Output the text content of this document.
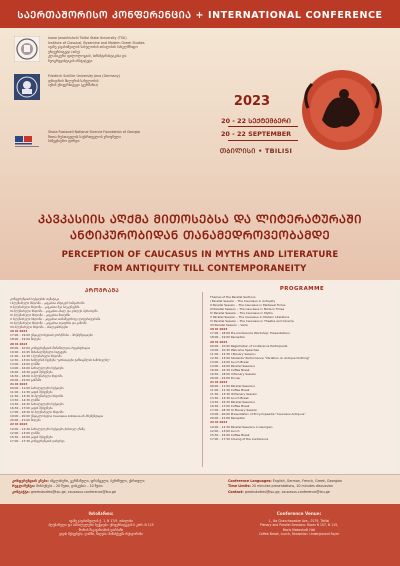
ᲡᲐᲔᲠᲗᲐᲨᲝᲠᲘᲡᲝ ᲙᲝᲜᲤᲔᲠᲔᲜᲪᲘᲐ + INTERNATIONAL CONFERENCE
Ivane Javakhishvili Tbilisi State University (TSU)
Institute of Classical, Byzantine and Modern Greek Studies
ივანე ჯავახიშვილის სახელობის თბილისის სახელმწიფო
უნივერსიტეტი (თსუ)
კლასიკური ფილოლოგიის, ბიზანტინისტიკისა და
ნეოგრეცისტიკის ინსტიტუტი
Friedrich Schiller University Jena (Germany)
ფრიდრიხ შილერის სახელობის
იენის უნივერსიტეტი (გერმანია)
Shota Rustaveli National Science Foundation of Georgia
შოთა რუსთაველის საქართველოს ეროვნული
სამეცნიერო ფონდი
2023
20 - 22 ᲡᲔᲥᲢᲔᲛᲑᲔᲠᲘ
20 - 22 SEPTEMBER
ᲗᲑᲘᲚᲘᲡᲘ • TBILISI
ᲙᲐᲕᲙᲐᲡᲘᲘᲡ ᲐᲦᲥᲛᲐ ᲛᲘᲗᲝᲡᲔᲑᲡᲐ ᲓᲐ ᲚᲘᲢᲔᲠᲐᲢᲣᲠᲐᲨᲘ
ᲐᲜᲢᲘᲙᲣᲠᲝᲑᲘᲓᲐᲜ ᲗᲐᲜᲐᲛᲔᲓᲠᲝᲕᲔᲝᲑᲐᲛᲓᲔ
PERCEPTION OF CAUCASUS IN MYTHS AND LITERATURE
FROM ANTIQUITY TILL CONTEMPORANEITY
ᲞᲠᲝᲒᲠᲐᲛᲐ
კონფერენციის სექციების თემატიკა
I პლენარული სხდომა – კავკასია ანტიკურ სამყაროში
II პლენარული სხდომა – კავკასია შუა საუკუნეებში
III პლენარული სხდომა – კავკასია ახალ და უახლეს პერიოდში
IV პლენარული სხდომა – კავკასია მითებში
V პლენარული სხდომა – კავკასია თანამედროვე ლიტერატურაში
VI პლენარული სხდომა – კავკასია თეატრსა და კინოში
VII პლენარული სხდომა – ახალგაზრდები
19 IX 2023
17:00 – 19:00 ენციკლოპედიის ვორქშოპი – პრეზენტაციები
18:00 – 19:00 მიღება
20 IX 2023
09:00 – 10:00 კონფერენციის მონაწილეთა რეგისტრაცია
10:00 – 10:45 მისასალმებელი სიტყვები
11:00 – 12:30 I პლენარული სხდომა
12:30 – 13:00 სიმღერის ჩვენება "ვარიაციები ტანსაცმლის სამოსელზე"
13:00 – 14:00 ლანჩი
14:00 – 16:00 პარალელური სექციები
16:00 – 16:30 ყავის შესვენება
16:30 – 18:00 II პლენარული სხდომა
20:00 – 22:00 ვახშამი
21 IX 2023
09:00 – 11:00 პარალელური სექციები
11:00 – 11:30 ყავის შესვენება
11:30 – 13:30 III პლენარული სხდომა
13:30 – 14:30 ლანჩი
14:30 – 16:30 პარალელური სექციები
16:30 – 17:00 ყავის შესვენება
17:00 – 18:30 IV პლენარული სხდომა
19:00 – 20:00 ენციკლოპედია Caucasus Antiquus-ის პრეზენტაცია
20:00 – 21:00 მიღება
22 IX 2023
10:00 – 12:30 პარალელური სექციები ქართულ ენაზე
12:00 – 13:00 ლანჩი
15:30 – 16:00 ყავის შესვენება
17:00 – 17:30 კონფერენციის დახურვა
PROGRAMME
Themes of the Parallel Sections
I Parallel Session – The Caucasus in Antiquity
II Parallel Session – The Caucasus in Medieval Times
III Parallel Session – The Caucasus in Modern Times
IV Parallel Session – The Caucasus in Myths
V Parallel Session – The Caucasus in Modern Literature
VI Parallel Session – The Caucasus in Theatre and Cinema
VII Parallel Session – Varia
19 IX 2023
17:00 – 18:00 Pre-Conference Workshop: Presentations
18:00 – 19:00 Reception
20 IX 2023
09:00 – 10:00 Registration of Conference Participants
10:00 – 10:45 Welcome Speeches
11:00 – 12:30 I Plenary Session
12:30 – 13:00 Students' Performance "Variation on Antique Clothing"
13:00 – 14:00 Lunch Break
14:00 – 16:00 Parallel Sessions
16:00 – 16:30 Coffee Break
16:30 – 18:00 II Plenary Session
20:00 – 22:00 Dinner
21 IX 2023
09:00 – 11:00 Parallel Sessions
11:00 – 11:30 Coffee Break
11:30 – 13:30 III Plenary Session
13:30 – 14:30 Lunch Break
14:30 – 16:30 Parallel Sessions
16:30 – 17:00 Coffee Break
17:00 – 18:30 IV Plenary Session
19:00 – 20:00 Presentation of Encyclopaedia "Caucasus Antiquus"
20:00 – 21:00 Reception
22 IX 2023
10:00 – 12:30 Parallel Sessions in Georgian
12:00 – 13:00 Lunch
15:30 – 16:00 Coffee Break
17:00 – 17:30 Closing of the Conference
კონფერენციის ენები: ინგლისური, გერმანული, ფრანგული, ბერძნული, ქართული
რეგლამენტი: მოხსენება – 20 წუთი, დისკუსია – 10 წუთი
კონტაქტი: greekstudies@tsu.ge, caucasus.conference@tsu.ge
Conference Languages: English, German, French, Greek, Georgian
Time Limits: 20 minutes presentations, 10 minutes discussion
Contact: greekstudies@tsu.ge, caucasus.conference@tsu.ge
მისამართი:
ივანე ჯავახიშვილის ქ. 1, N 17/9, თბილისი
პლენარული და პარალელური სექციები: უნივერსიტეტის II კორ. N 115
მორის მაკავარიანის დარბაზი
ყავის შესვენება, ლანჩი, მიღება: მიწისქვეშა რესტორანი
Conference Venue:
1, Ilia Chavchavadze Ave., 0179, Tbilisi
Plenary and Parallel Sessions: Room N 107, N 115,
Moris Makashvili Hall
Coffee Break, Lunch, Reception: Underground Foyer
